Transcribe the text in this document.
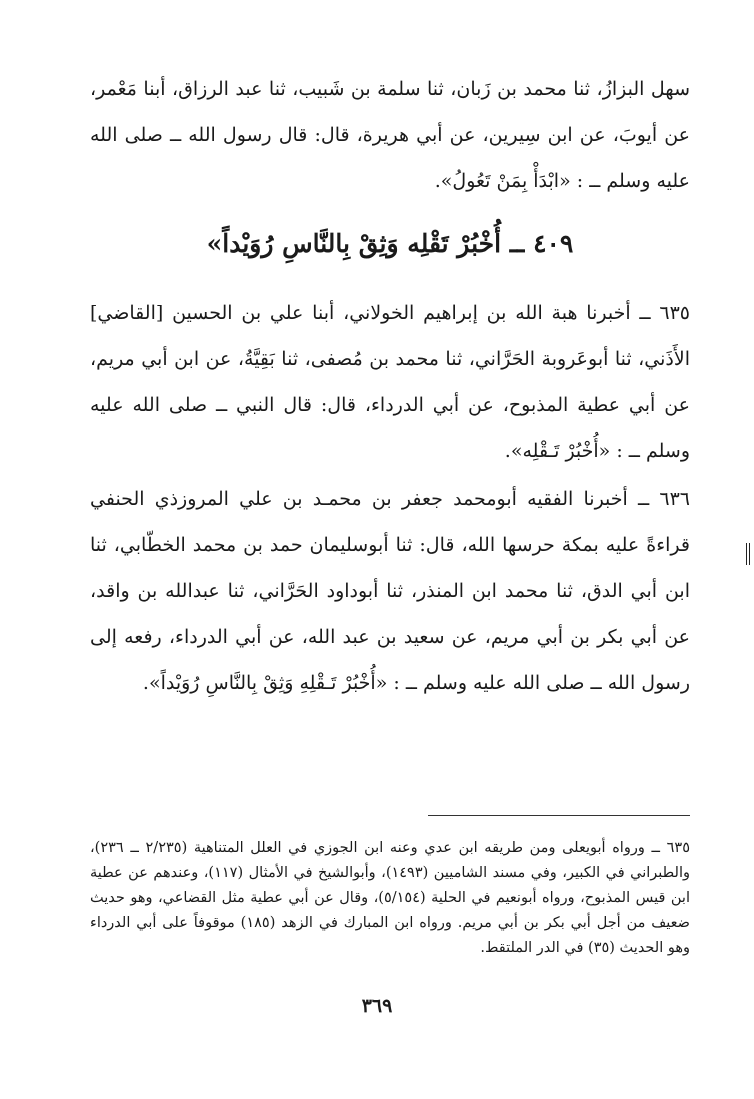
سهل البزازُ، ثنا محمد بن زَبان، ثنا سلمة بن شَبيب، ثنا عبد الرزاق، أبنا مَعْمر، عن أيوبَ، عن ابن سِيرين، عن أبي هريرة، قال: قال رسول الله ــ صلى الله عليه وسلم ــ : «ابْدَأْ بِمَنْ تَعُولُ».

٤٠٩ ــ أُخْبُرْ تَقْلِه وَثِقْ بِالنَّاسِ رُوَيْداً»

٦٣٥ ــ أخبرنا هبة الله بن إبراهيم الخولاني، أبنا علي بن الحسين [القاضي] الأَذَني، ثنا أبوعَروبة الحَرَّاني، ثنا محمد بن مُصفى، ثنا بَقِيَّةُ، عن ابن أبي مريم، عن أبي عطية المذبوح، عن أبي الدرداء، قال: قال النبي ــ صلى الله عليه وسلم ــ : «أُخْبُرْ تَـقْلِه».

٦٣٦ ــ أخبرنا الفقيه أبومحمد جعفر بن محمـد بن علي المروزذي الحنفي قراءةً عليه بمكة حرسها الله، قال: ثنا أبوسليمان حمد بن محمد الخطّابي، ثنا ابن أبي الدق، ثنا محمد ابن المنذر، ثنا أبوداود الحَرَّاني، ثنا عبدالله بن واقد، عن أبي بكر بن أبي مريم، عن سعيد بن عبد الله، عن أبي الدرداء، رفعه إلى رسول الله ــ صلى الله عليه وسلم ــ : «أُخْبُرْ تَـقْلِهِ وَثِقْ بِالنَّاسِ رُوَيْداً».

٦٣٥ ــ ورواه أبويعلى ومن طريقه ابن عدي وعنه ابن الجوزي في العلل المتناهية (٢/٢٣٥ ــ ٢٣٦)، والطبراني في الكبير، وفي مسند الشاميين (١٤٩٣)، وأبوالشيخ في الأمثال (١١٧)، وعندهم عن عطية ابن قيس المذبوح، ورواه أبونعيم في الحلية (٥/١٥٤)، وقال عن أبي عطية مثل القضاعي، وهو حديث ضعيف من أجل أبي بكر بن أبي مريم. ورواه ابن المبارك في الزهد (١٨٥) موقوفاً على أبي الدرداء وهو الحديث (٣٥) في الدر الملتقط.

٣٦٩
